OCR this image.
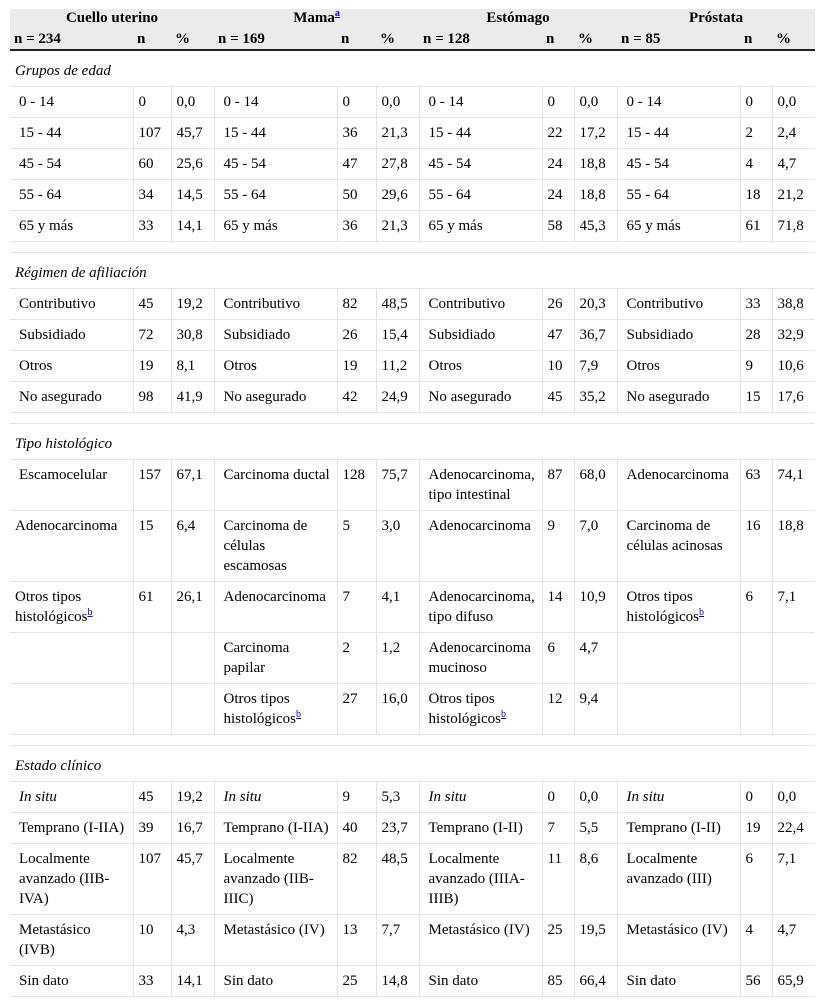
Cuello uterino			Mama$^a$			Estómago			Próstata		
n = 234	n	%	n = 169	n	%	n = 128	n	%	n = 85	n	%
Grupos de edad											
0 - 14	0	0,0	0 - 14	0	0,0	0 - 14	0	0,0	0 - 14	0	0,0
15 - 44	107	45,7	15 - 44	36	21,3	15 - 44	22	17,2	15 - 44	2	2,4
45 - 54	60	25,6	45 - 54	47	27,8	45 - 54	24	18,8	45 - 54	4	4,7
55 - 64	34	14,5	55 - 64	50	29,6	55 - 64	24	18,8	55 - 64	18	21,2
65 y más	33	14,1	65 y más	36	21,3	65 y más	58	45,3	65 y más	61	71,8

Régimen de afiliación											
Contributivo	45	19,2	Contributivo	82	48,5	Contributivo	26	20,3	Contributivo	33	38,8
Subsidiado	72	30,8	Subsidiado	26	15,4	Subsidiado	47	36,7	Subsidiado	28	32,9
Otros	19	8,1	Otros	19	11,2	Otros	10	7,9	Otros	9	10,6
No asegurado	98	41,9	No asegurado	42	24,9	No asegurado	45	35,2	No asegurado	15	17,6

Tipo histológico											
Escamocelular	157	67,1	Carcinoma ductal	128	75,7	Adenocarcinoma, tipo intestinal	87	68,0	Adenocarcinoma	63	74,1
Adenocarcinoma	15	6,4	Carcinoma de células escamosas	5	3,0	Adenocarcinoma	9	7,0	Carcinoma de células acinosas	16	18,8
Otros tipos histológicos$^b$	61	26,1	Adenocarcinoma	7	4,1	Adenocarcinoma, tipo difuso	14	10,9	Otros tipos histológicos$^b$	6	7,1
			Carcinoma papilar	2	1,2	Adenocarcinoma mucinoso	6	4,7			
			Otros tipos histológicos$^b$	27	16,0	Otros tipos histológicos$^b$	12	9,4			

Estado clínico											
In situ	45	19,2	In situ	9	5,3	In situ	0	0,0	In situ	0	0,0
Temprano (I-IIA)	39	16,7	Temprano (I-IIA)	40	23,7	Temprano (I-II)	7	5,5	Temprano (I-II)	19	22,4
Localmente avanzado (IIB-IVA)	107	45,7	Localmente avanzado (IIB-IIIC)	82	48,5	Localmente avanzado (IIIA-IIIB)	11	8,6	Localmente avanzado (III)	6	7,1
Metastásico (IVB)	10	4,3	Metastásico (IV)	13	7,7	Metastásico (IV)	25	19,5	Metastásico (IV)	4	4,7
Sin dato	33	14,1	Sin dato	25	14,8	Sin dato	85	66,4	Sin dato	56	65,9
